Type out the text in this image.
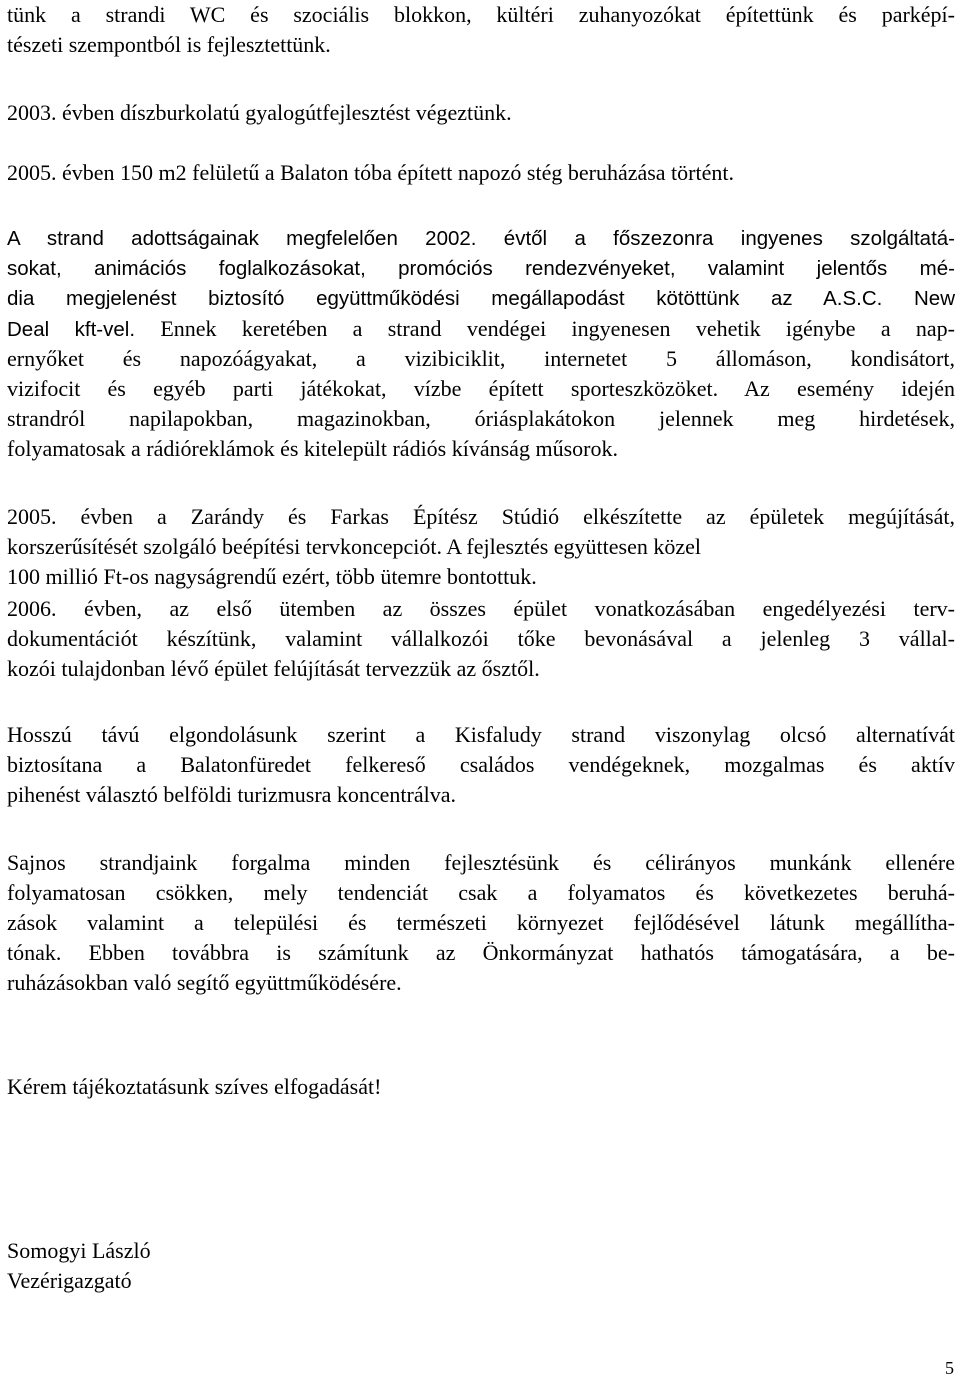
tünk a strandi WC és szociális blokkon, kültéri zuhanyozókat építettünk és parképí-

tészeti szempontból is fejlesztettünk.

2003. évben díszburkolatú gyalogútfejlesztést végeztünk.

2005. évben 150 m2 felületű a Balaton tóba épített napozó stég beruházása történt.

A strand adottságainak megfelelően 2002. évtől a főszezonra ingyenes szolgáltatá-

sokat, animációs foglalkozásokat, promóciós rendezvényeket, valamint jelentős mé-

dia megjelenést biztosító együttműködési megállapodást kötöttünk az A.S.C. New

Deal kft-vel. Ennek keretében a strand vendégei ingyenesen vehetik igénybe a nap-

ernyőket és napozóágyakat, a vizibiciklit, internetet 5 állomáson, kondisátort,

vizifocit és egyéb parti játékokat, vízbe épített sporteszközöket. Az esemény idején

strandról napilapokban, magazinokban, óriásplakátokon jelennek meg hirdetések,

folyamatosak a rádióreklámok és kitelepült rádiós kívánság műsorok.

2005. évben a Zarándy és Farkas Építész Stúdió elkészítette az épületek megújítását,

korszerűsítését szolgáló beépítési tervkoncepciót. A fejlesztés együttesen közel

100 millió Ft-os nagyságrendű ezért, több ütemre bontottuk.

2006. évben, az első ütemben az összes épület vonatkozásában engedélyezési terv-

dokumentációt készítünk, valamint vállalkozói tőke bevonásával a jelenleg 3 vállal-

kozói tulajdonban lévő épület felújítását tervezzük az ősztől.

Hosszú távú elgondolásunk szerint a Kisfaludy strand viszonylag olcsó alternatívát

biztosítana a Balatonfüredet felkereső családos vendégeknek, mozgalmas és aktív

pihenést választó belföldi turizmusra koncentrálva.

Sajnos strandjaink forgalma minden fejlesztésünk és célirányos munkánk ellenére

folyamatosan csökken, mely tendenciát csak a folyamatos és következetes beruhá-

zások valamint a települési és természeti környezet fejlődésével látunk megállítha-

tónak. Ebben továbbra is számítunk az Önkormányzat hathatós támogatására, a be-

ruházásokban való segítő együttműködésére.

Kérem tájékoztatásunk szíves elfogadását!

Somogyi László

Vezérigazgató

5
